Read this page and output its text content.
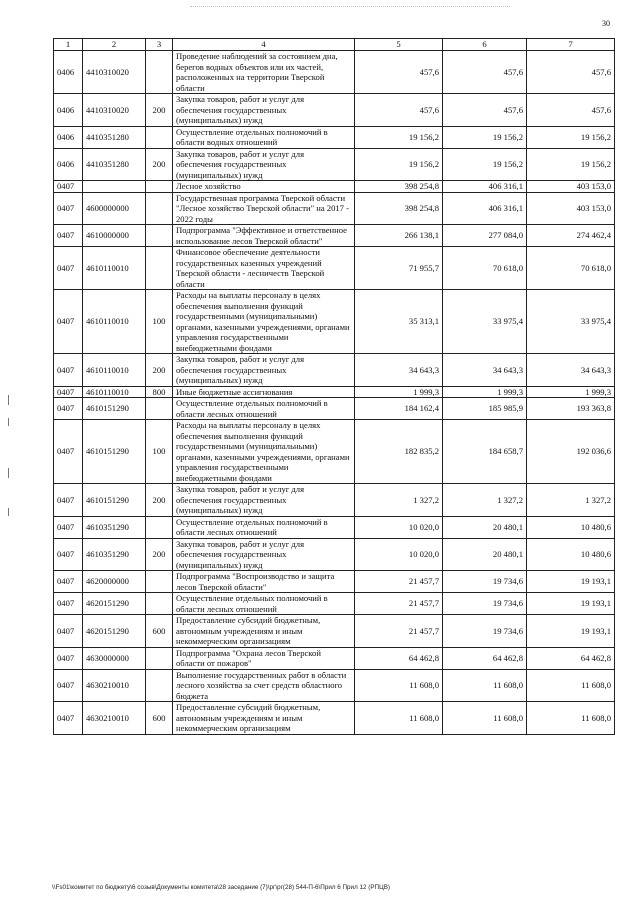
30
1	2	3	4	5	6	7
0406	4410310020		Проведение наблюдений за состоянием дна, берегов водных объектов или их частей, расположенных на территории Тверской области	457,6	457,6	457,6
0406	4410310020	200	Закупка товаров, работ и услуг для обеспечения государственных (муниципальных) нужд	457,6	457,6	457,6
0406	4410351280		Осуществление отдельных полномочий в области водных отношений	19 156,2	19 156,2	19 156,2
0406	4410351280	200	Закупка товаров, работ и услуг для обеспечения государственных (муниципальных) нужд	19 156,2	19 156,2	19 156,2
0407			Лесное хозяйство	398 254,8	406 316,1	403 153,0
0407	4600000000		Государственная программа Тверской области "Лесное хозяйство Тверской области" на 2017 - 2022 годы	398 254,8	406 316,1	403 153,0
0407	4610000000		Подпрограмма "Эффективное и ответственное использование лесов Тверской области"	266 138,1	277 084,0	274 462,4
0407	4610110010		Финансовое обеспечение деятельности государственных казенных учреждений Тверской области - лесничеств Тверской области	71 955,7	70 618,0	70 618,0
0407	4610110010	100	Расходы на выплаты персоналу в целях обеспечения выполнения функций государственными (муниципальными) органами, казенными учреждениями, органами управления государственными внебюджетными фондами	35 313,1	33 975,4	33 975,4
0407	4610110010	200	Закупка товаров, работ и услуг для обеспечения государственных (муниципальных) нужд	34 643,3	34 643,3	34 643,3
0407	4610110010	800	Иные бюджетные ассигнования	1 999,3	1 999,3	1 999,3
0407	4610151290		Осуществление отдельных полномочий в области лесных отношений	184 162,4	185 985,9	193 363,8
0407	4610151290	100	Расходы на выплаты персоналу в целях обеспечения выполнения функций государственными (муниципальными) органами, казенными учреждениями, органами управления государственными внебюджетными фондами	182 835,2	184 658,7	192 036,6
0407	4610151290	200	Закупка товаров, работ и услуг для обеспечения государственных (муниципальных) нужд	1 327,2	1 327,2	1 327,2
0407	4610351290		Осуществление отдельных полномочий в области лесных отношений	10 020,0	20 480,1	10 480,6
0407	4610351290	200	Закупка товаров, работ и услуг для обеспечения государственных (муниципальных) нужд	10 020,0	20 480,1	10 480,6
0407	4620000000		Подпрограмма "Воспроизводство и защита лесов Тверской области"	21 457,7	19 734,6	19 193,1
0407	4620151290		Осуществление отдельных полномочий в области лесных отношений	21 457,7	19 734,6	19 193,1
0407	4620151290	600	Предоставление субсидий бюджетным, автономным учреждениям и иным некоммерческим организациям	21 457,7	19 734,6	19 193,1
0407	4630000000		Подпрограмма "Охрана лесов Тверской области от пожаров"	64 462,8	64 462,8	64 462,8
0407	4630210010		Выполнение государственных работ в области лесного хозяйства за счет средств областного бюджета	11 608,0	11 608,0	11 608,0
0407	4630210010	600	Предоставление субсидий бюджетным, автономным учреждениям и иным некоммерческим организациям	11 608,0	11 608,0	11 608,0
\\Fs01\комитет по бюджету\6 созыв\Документы комитета\28 заседание (7)\рг\рг(28) 544-П-6\Прил 6 Прил 12 (РПЦВ)
